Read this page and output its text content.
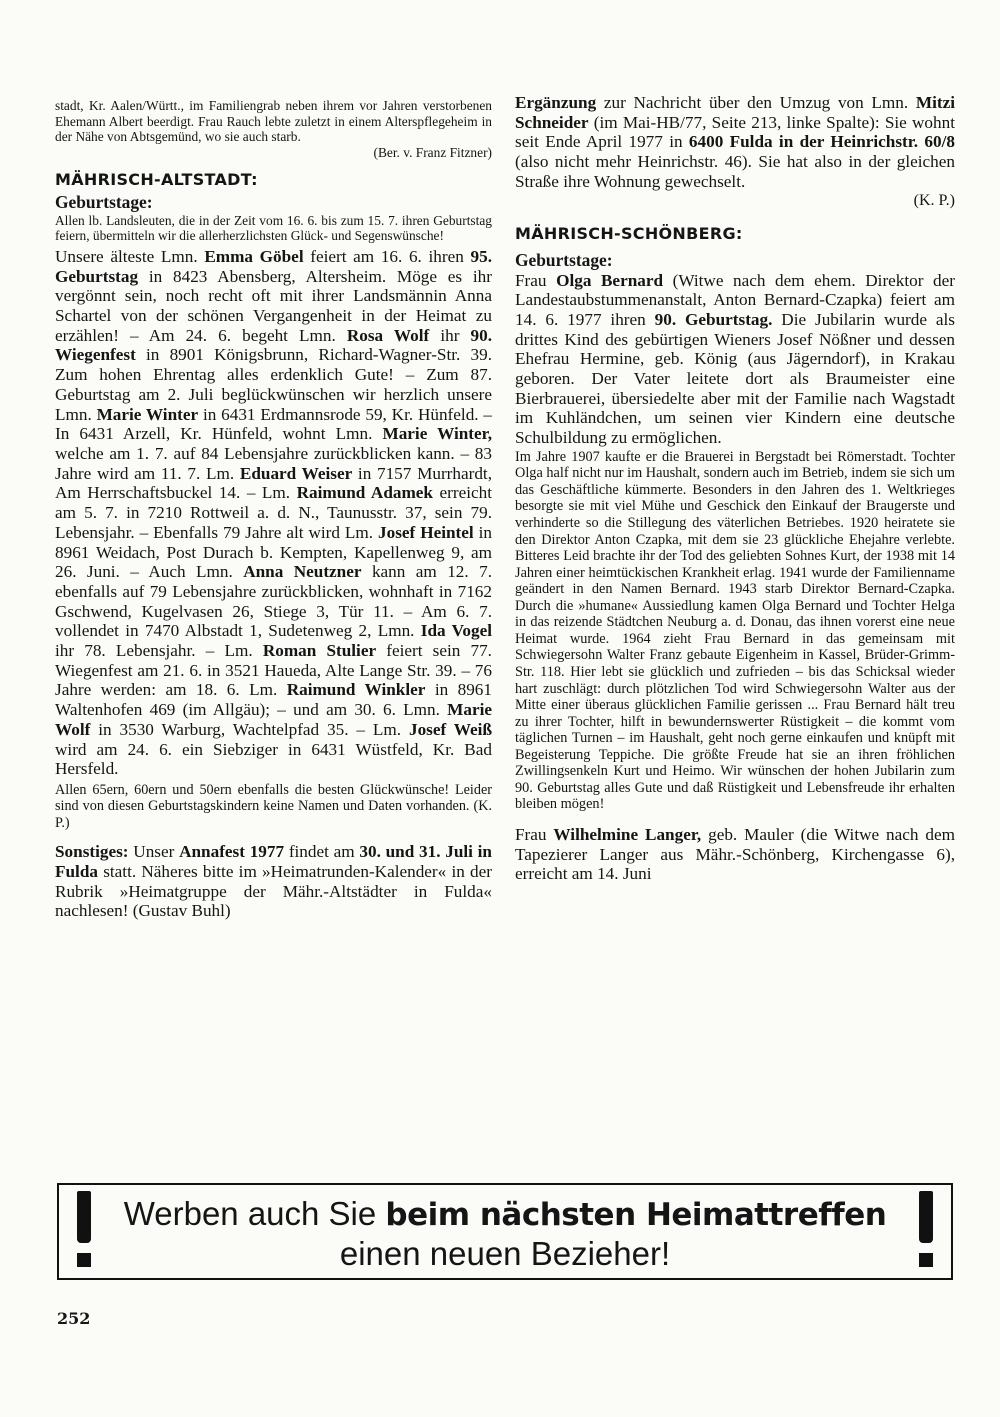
stadt, Kr. Aalen/Württ., im Familiengrab neben ihrem vor Jahren verstorbenen Ehemann Albert beerdigt. Frau Rauch lebte zuletzt in einem Alterspflegeheim in der Nähe von Abtsgemünd, wo sie auch starb.

(Ber. v. Franz Fitzner)

MÄHRISCH-ALTSTADT:
Geburtstage:

Allen lb. Landsleuten, die in der Zeit vom 16. 6. bis zum 15. 7. ihren Geburtstag feiern, übermitteln wir die allerherzlichsten Glück- und Segenswünsche!

Unsere älteste Lmn. Emma Göbel feiert am 16. 6. ihren 95. Geburtstag in 8423 Abensberg, Altersheim. Möge es ihr vergönnt sein, noch recht oft mit ihrer Landsmännin Anna Schartel von der schönen Vergangenheit in der Heimat zu erzählen! – Am 24. 6. begeht Lmn. Rosa Wolf ihr 90. Wiegenfest in 8901 Königsbrunn, Richard-Wagner-Str. 39. Zum hohen Ehrentag alles erdenklich Gute! – Zum 87. Geburtstag am 2. Juli beglückwünschen wir herzlich unsere Lmn. Marie Winter in 6431 Erdmannsrode 59, Kr. Hünfeld. – In 6431 Arzell, Kr. Hünfeld, wohnt Lmn. Marie Winter, welche am 1. 7. auf 84 Lebensjahre zurückblicken kann. – 83 Jahre wird am 11. 7. Lm. Eduard Weiser in 7157 Murrhardt, Am Herrschaftsbuckel 14. – Lm. Raimund Adamek erreicht am 5. 7. in 7210 Rottweil a. d. N., Taunusstr. 37, sein 79. Lebensjahr. – Ebenfalls 79 Jahre alt wird Lm. Josef Heintel in 8961 Weidach, Post Durach b. Kempten, Kapellenweg 9, am 26. Juni. – Auch Lmn. Anna Neutzner kann am 12. 7. ebenfalls auf 79 Lebensjahre zurückblicken, wohnhaft in 7162 Gschwend, Kugelvasen 26, Stiege 3, Tür 11. – Am 6. 7. vollendet in 7470 Albstadt 1, Sudetenweg 2, Lmn. Ida Vogel ihr 78. Lebensjahr. – Lm. Roman Stulier feiert sein 77. Wiegenfest am 21. 6. in 3521 Haueda, Alte Lange Str. 39. – 76 Jahre werden: am 18. 6. Lm. Raimund Winkler in 8961 Waltenhofen 469 (im Allgäu); – und am 30. 6. Lmn. Marie Wolf in 3530 Warburg, Wachtelpfad 35. – Lm. Josef Weiß wird am 24. 6. ein Siebziger in 6431 Wüstfeld, Kr. Bad Hersfeld.

Allen 65ern, 60ern und 50ern ebenfalls die besten Glückwünsche! Leider sind von diesen Geburtstagskindern keine Namen und Daten vorhanden. (K. P.)

Sonstiges: Unser Annafest 1977 findet am 30. und 31. Juli in Fulda statt. Näheres bitte im »Heimatrunden-Kalender« in der Rubrik »Heimatgruppe der Mähr.-Altstädter in Fulda« nachlesen! (Gustav Buhl)

Ergänzung zur Nachricht über den Umzug von Lmn. Mitzi Schneider (im Mai-HB/77, Seite 213, linke Spalte): Sie wohnt seit Ende April 1977 in 6400 Fulda in der Heinrichstr. 60/8 (also nicht mehr Heinrichstr. 46). Sie hat also in der gleichen Straße ihre Wohnung gewechselt.

(K. P.)

MÄHRISCH-SCHÖNBERG:
Geburtstage:

Frau Olga Bernard (Witwe nach dem ehem. Direktor der Landestaubstummenanstalt, Anton Bernard-Czapka) feiert am 14. 6. 1977 ihren 90. Geburtstag. Die Jubilarin wurde als drittes Kind des gebürtigen Wieners Josef Nößner und dessen Ehefrau Hermine, geb. König (aus Jägerndorf), in Krakau geboren. Der Vater leitete dort als Braumeister eine Bierbrauerei, übersiedelte aber mit der Familie nach Wagstadt im Kuhländchen, um seinen vier Kindern eine deutsche Schulbildung zu ermöglichen.

Im Jahre 1907 kaufte er die Brauerei in Bergstadt bei Römerstadt. Tochter Olga half nicht nur im Haushalt, sondern auch im Betrieb, indem sie sich um das Geschäftliche kümmerte. Besonders in den Jahren des 1. Weltkrieges besorgte sie mit viel Mühe und Geschick den Einkauf der Braugerste und verhinderte so die Stillegung des väterlichen Betriebes. 1920 heiratete sie den Direktor Anton Czapka, mit dem sie 23 glückliche Ehejahre verlebte. Bitteres Leid brachte ihr der Tod des geliebten Sohnes Kurt, der 1938 mit 14 Jahren einer heimtückischen Krankheit erlag. 1941 wurde der Familienname geändert in den Namen Bernard. 1943 starb Direktor Bernard-Czapka. Durch die »humane« Aussiedlung kamen Olga Bernard und Tochter Helga in das reizende Städtchen Neuburg a. d. Donau, das ihnen vorerst eine neue Heimat wurde. 1964 zieht Frau Bernard in das gemeinsam mit Schwiegersohn Walter Franz gebaute Eigenheim in Kassel, Brüder-Grimm-Str. 118. Hier lebt sie glücklich und zufrieden – bis das Schicksal wieder hart zuschlägt: durch plötzlichen Tod wird Schwiegersohn Walter aus der Mitte einer überaus glücklichen Familie gerissen ... Frau Bernard hält treu zu ihrer Tochter, hilft in bewundernswerter Rüstigkeit – die kommt vom täglichen Turnen – im Haushalt, geht noch gerne einkaufen und knüpft mit Begeisterung Teppiche. Die größte Freude hat sie an ihren fröhlichen Zwillingsenkeln Kurt und Heimo. Wir wünschen der hohen Jubilarin zum 90. Geburtstag alles Gute und daß Rüstigkeit und Lebensfreude ihr erhalten bleiben mögen!

Frau Wilhelmine Langer, geb. Mauler (die Witwe nach dem Tapezierer Langer aus Mähr.-Schönberg, Kirchengasse 6), erreicht am 14. Juni

Werben auch Sie beim nächsten Heimattreffen
einen neuen Bezieher!
252
